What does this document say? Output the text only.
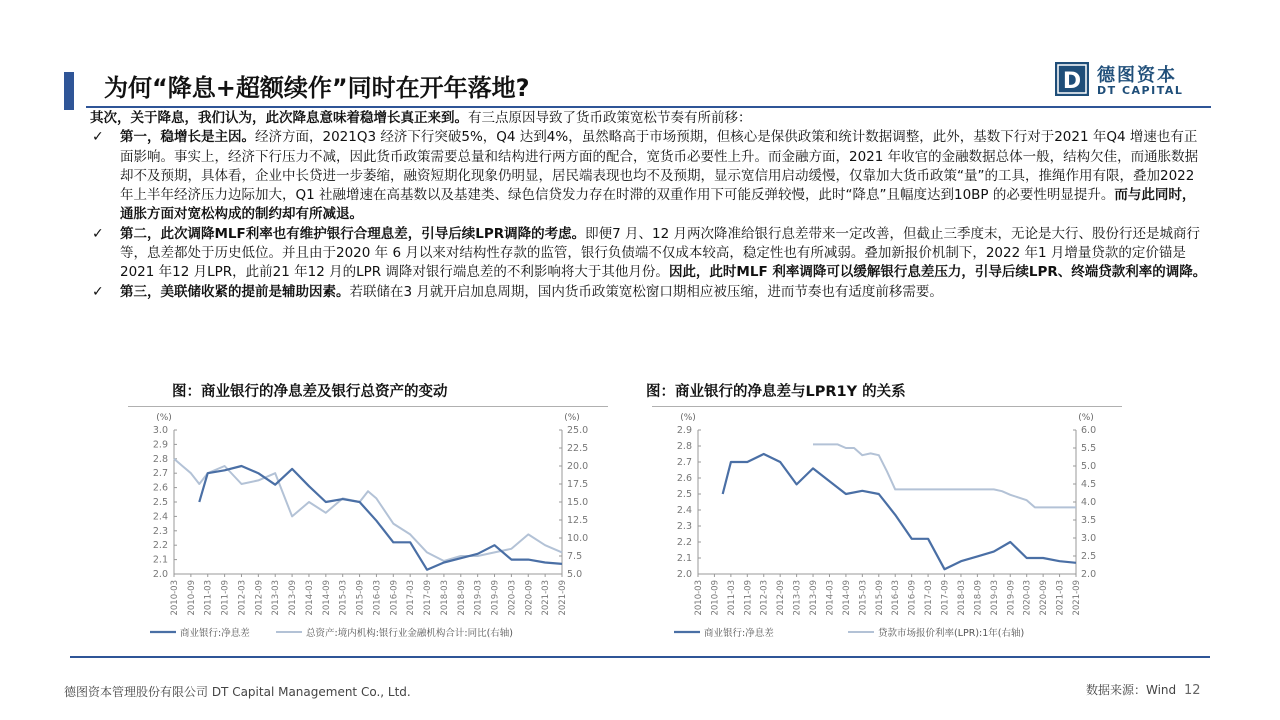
为何“降息+超额续作”同时在开年落地?	D 德图资本
DT CAPITAL

其次，关于降息，我们认为，此次降息意味着稳增长真正来到。有三点原因导致了货币政策宽松节奏有所前移：

✓ 第一，稳增长是主因。经济方面，2021Q3 经济下行突破5%，Q4 达到4%，虽然略高于市场预期，但核心是保供政策和统计数据调整，此外，基数下行对于2021 年Q4 增速也有正面影响。事实上，经济下行压力不减，因此货币政策需要总量和结构进行两方面的配合，宽货币必要性上升。而金融方面，2021 年收官的金融数据总体一般，结构欠佳，而通胀数据却不及预期，具体看，企业中长贷进一步萎缩，融资短期化现象仍明显，居民端表现也均不及预期，显示宽信用启动缓慢，仅靠加大货币政策“量”的工具，推绳作用有限，叠加2022 年上半年经济压力边际加大，Q1 社融增速在高基数以及基建类、绿色信贷发力存在时滞的双重作用下可能反弹较慢，此时“降息”且幅度达到10BP 的必要性明显提升。而与此同时，通胀方面对宽松构成的制约却有所减退。

✓ 第二，此次调降MLF利率也有维护银行合理息差，引导后续LPR调降的考虑。即便7 月、12 月两次降准给银行息差带来一定改善，但截止三季度末，无论是大行、股份行还是城商行等，息差都处于历史低位。并且由于2020 年 6 月以来对结构性存款的监管，银行负债端不仅成本较高，稳定性也有所减弱。叠加新报价机制下，2022 年1 月增量贷款的定价锚是2021 年12 月LPR，此前21 年12 月的LPR 调降对银行端息差的不利影响将大于其他月份。因此，此时MLF 利率调降可以缓解银行息差压力，引导后续LPR、终端贷款利率的调降。

✓ 第三，美联储收紧的提前是辅助因素。若联储在3 月就开启加息周期，国内货币政策宽松窗口期相应被压缩，进而节奏也有适度前移需要。

图：商业银行的净息差及银行总资产的变动	图：商业银行的净息差与LPR1Y 的关系
(%)	(%)
2.0
2.1
2.2
2.3
2.4
2.5
2.6
2.7
2.8
2.9
3.0
5.0
7.5
10.0
12.5
15.0
17.5
20.0
22.5
25.0
2010-03 2010-09 2011-03 2011-09 2012-03 2012-09 2013-03 2013-09 2014-03 2014-09 2015-03 2015-09 2016-03 2016-09 2017-03 2017-09 2018-03 2018-09 2019-03 2019-09 2020-03 2020-09 2021-03 2021-09
商业银行:净息差	总资产:境内机构:银行业金融机构合计:同比(右轴)
(%)	(%)
2.0
2.1
2.2
2.3
2.4
2.5
2.6
2.7
2.8
2.9
2.0
2.5
3.0
3.5
4.0
4.5
5.0
5.5
6.0
2010-03 2010-09 2011-03 2011-09 2012-03 2012-09 2013-03 2013-09 2014-03 2014-09 2015-03 2015-09 2016-03 2016-09 2017-03 2017-09 2018-03 2018-09 2019-03 2019-09 2020-03 2020-09 2021-03 2021-09
商业银行:净息差	贷款市场报价利率(LPR):1年(右轴)
德图资本管理股份有限公司 DT Capital Management Co., Ltd.	数据来源：Wind 12
